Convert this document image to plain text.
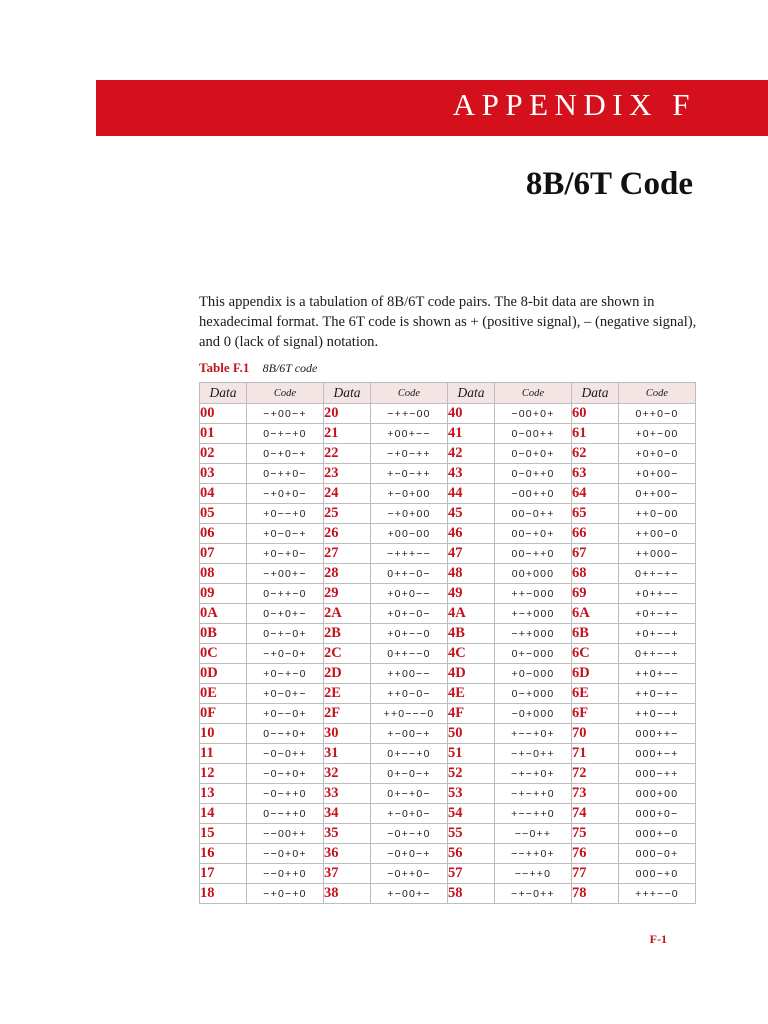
APPENDIX F
8B/6T Code

This appendix is a tabulation of 8B/6T code pairs. The 8-bit data are shown in hexadecimal format. The 6T code is shown as + (positive signal), – (negative signal), and 0 (lack of signal) notation.

Table F.1 8B/6T code
Data	Code	Data	Code	Data	Code	Data	Code
00	−+00−+	20	−++−00	40	−00+0+	60	0++0−0
01	0−+−+0	21	+00+−−	41	0−00++	61	+0+−00
02	0−+0−+	22	−+0−++	42	0−0+0+	62	+0+0−0
03	0−++0−	23	+−0−++	43	0−0++0	63	+0+00−
04	−+0+0−	24	+−0+00	44	−00++0	64	0++00−
05	+0−−+0	25	−+0+00	45	00−0++	65	++0−00
06	+0−0−+	26	+00−00	46	00−+0+	66	++00−0
07	+0−+0−	27	−+++−−	47	00−++0	67	++000−
08	−+00+−	28	0++−0−	48	00+000	68	0++−+−
09	0−++−0	29	+0+0−−	49	++−000	69	+0++−−
0A	0−+0+−	2A	+0+−0−	4A	+−+000	6A	+0+−+−
0B	0−+−0+	2B	+0+−−0	4B	−++000	6B	+0+−−+
0C	−+0−0+	2C	0++−−0	4C	0+−000	6C	0++−−+
0D	+0−+−0	2D	++00−−	4D	+0−000	6D	++0+−−
0E	+0−0+−	2E	++0−0−	4E	0−+000	6E	++0−+−
0F	+0−−0+	2F	++0−−−0	4F	−0+000	6F	++0−−+
10	0−−+0+	30	+−00−+	50	+−−+0+	70	000++−
11	−0−0++	31	0+−−+0	51	−+−0++	71	000+−+
12	−0−+0+	32	0+−0−+	52	−+−+0+	72	000−++
13	−0−++0	33	0+−+0−	53	−+−++0	73	000+00
14	0−−++0	34	+−0+0−	54	+−−++0	74	000+0−
15	−−00++	35	−0+−+0	55	−−0++	75	000+−0
16	−−0+0+	36	−0+0−+	56	−−++0+	76	000−0+
17	−−0++0	37	−0++0−	57	−−++0	77	000−+0
18	−+0−+0	38	+−00+−	58	−+−0++	78	+++−−0
F-1
